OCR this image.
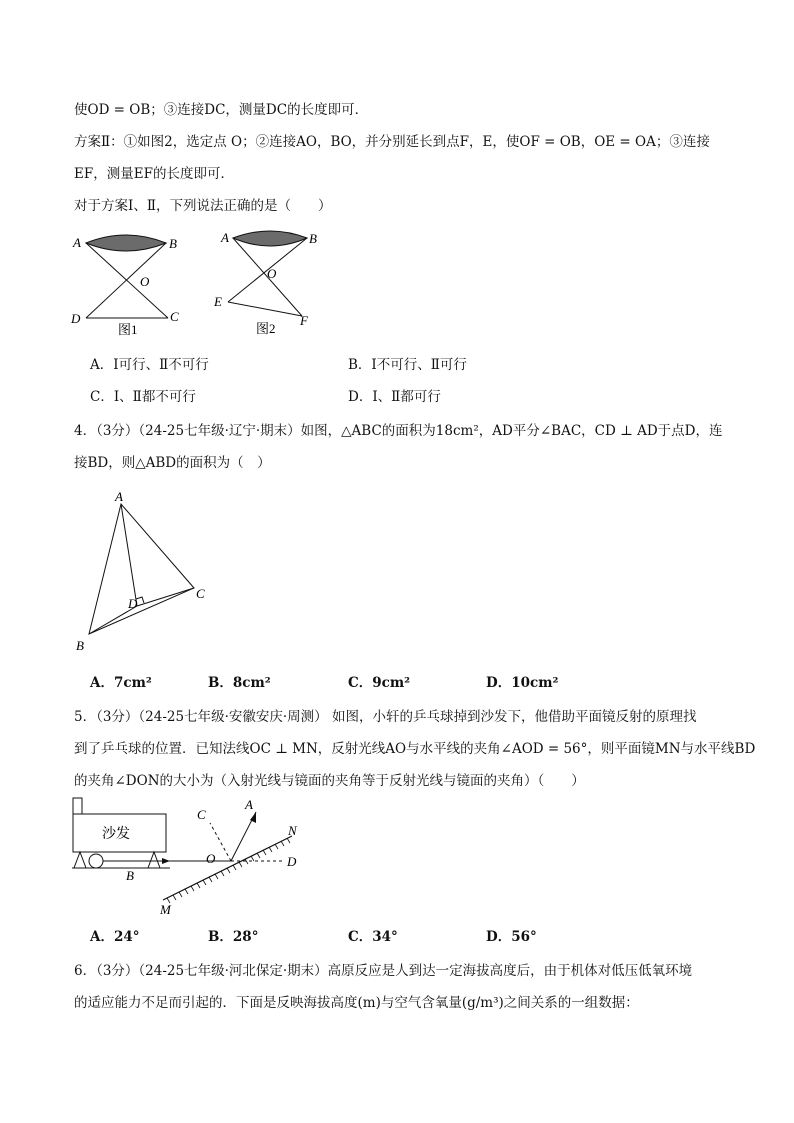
使OD = OB；③连接DC，测量DC的长度即可．
方案Ⅱ：①如图2，选定点 O；②连接AO，BO，并分别延长到点F，E，使OF = OB，OE = OA；③连接
EF，测量EF的长度即可．
对于方案Ⅰ、Ⅱ，下列说法正确的是（　　）
A	B
O
D	C
图1
A	B
O
E
F
图2
A．Ⅰ可行、Ⅱ不可行	B．Ⅰ不可行、Ⅱ可行
C．Ⅰ、Ⅱ都不可行	D．Ⅰ、Ⅱ都可行
4．（3分）（24-25七年级·辽宁·期末）如图，△ABC的面积为18cm²，AD平分∠BAC，CD ⊥ AD于点D，连
接BD，则△ABD的面积为（　）
A
D
C
B
A．7cm²	B．8cm²	C．9cm²	D．10cm²
5．（3分）（24-25七年级·安徽安庆·周测） 如图，小轩的乒乓球掉到沙发下，他借助平面镜反射的原理找
到了乒乓球的位置．已知法线OC ⊥ MN，反射光线AO与水平线的夹角∠AOD = 56°，则平面镜MN与水平线BD
的夹角∠DON的大小为（入射光线与镜面的夹角等于反射光线与镜面的夹角）（　　）
沙发
A
C
N
O	D
B
M
A．24°	B．28°	C．34°	D．56°
6．（3分）（24-25七年级·河北保定·期末）高原反应是人到达一定海拔高度后，由于机体对低压低氧环境
的适应能力不足而引起的．下面是反映海拔高度(m)与空气含氧量(g/m³)之间关系的一组数据：
